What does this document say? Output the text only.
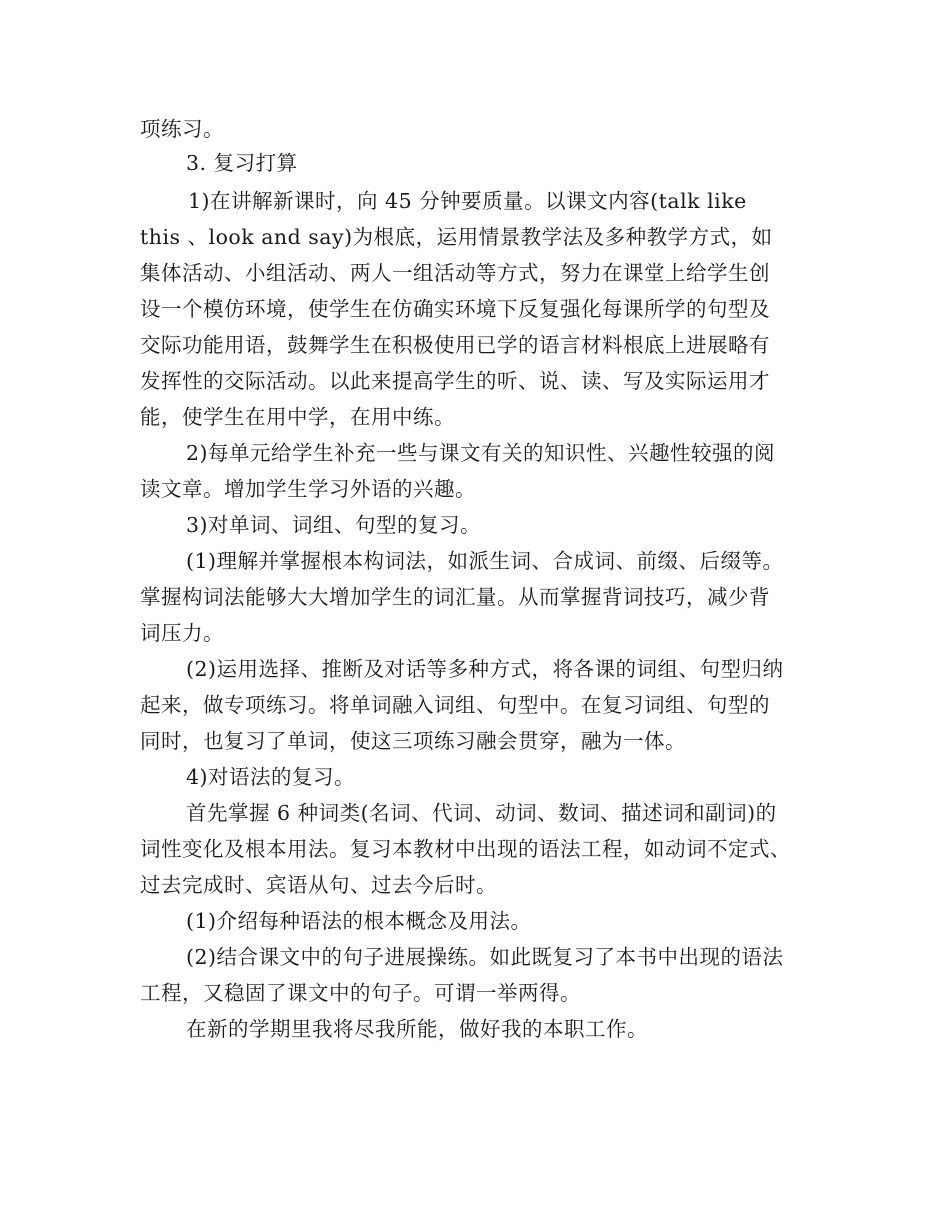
项练习。
3. 复习打算
1)在讲解新课时，向 45 分钟要质量。以课文内容(talk like
this 、look and say)为根底，运用情景教学法及多种教学方式，如
集体活动、小组活动、两人一组活动等方式，努力在课堂上给学生创
设一个模仿环境，使学生在仿确实环境下反复强化每课所学的句型及
交际功能用语，鼓舞学生在积极使用已学的语言材料根底上进展略有
发挥性的交际活动。以此来提高学生的听、说、读、写及实际运用才
能，使学生在用中学，在用中练。
2)每单元给学生补充一些与课文有关的知识性、兴趣性较强的阅
读文章。增加学生学习外语的兴趣。
3)对单词、词组、句型的复习。
(1)理解并掌握根本构词法，如派生词、合成词、前缀、后缀等。
掌握构词法能够大大增加学生的词汇量。从而掌握背词技巧，减少背
词压力。
(2)运用选择、推断及对话等多种方式，将各课的词组、句型归纳
起来，做专项练习。将单词融入词组、句型中。在复习词组、句型的
同时，也复习了单词，使这三项练习融会贯穿，融为一体。
4)对语法的复习。
首先掌握 6 种词类(名词、代词、动词、数词、描述词和副词)的
词性变化及根本用法。复习本教材中出现的语法工程，如动词不定式、
过去完成时、宾语从句、过去今后时。
(1)介绍每种语法的根本概念及用法。
(2)结合课文中的句子进展操练。如此既复习了本书中出现的语法
工程，又稳固了课文中的句子。可谓一举两得。
在新的学期里我将尽我所能，做好我的本职工作。
